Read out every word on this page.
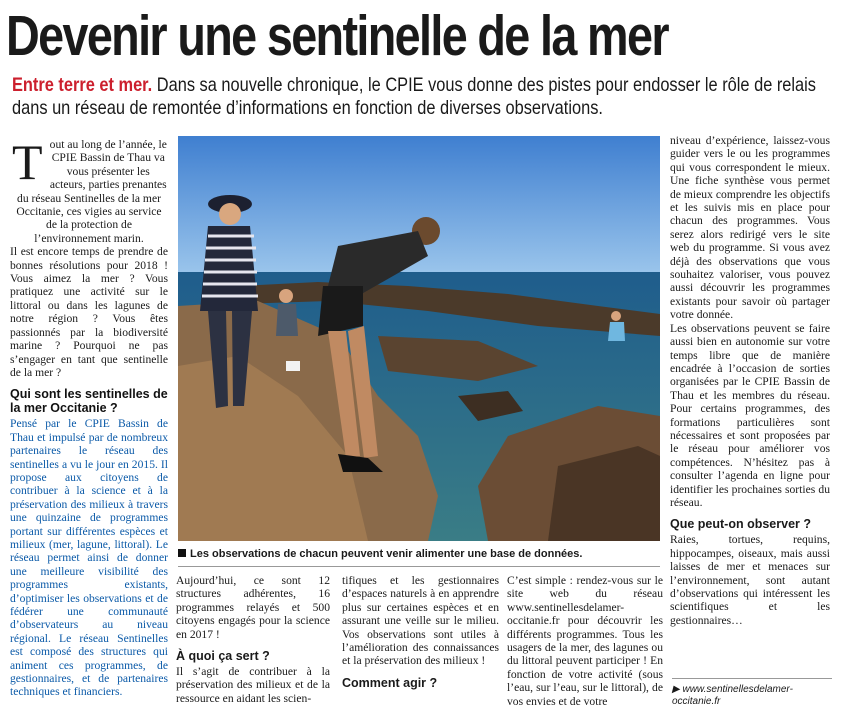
Devenir une sentinelle de la mer
Entre terre et mer. Dans sa nouvelle chronique, le CPIE vous donne des pistes pour endosser le rôle de relais dans un réseau de remontée d’informations en fonction de diverses observations.
T out au long de l’année, le CPIE Bassin de Thau va vous présenter les acteurs, parties prenantes du réseau Sentinelles de la mer Occitanie, ces vigies au service de la protection de l’environnement marin.

Il est encore temps de prendre de bonnes résolutions pour 2018 ! Vous aimez la mer ? Vous pratiquez une activité sur le littoral ou dans les lagunes de notre région ? Vous êtes passionnés par la biodiversité marine ? Pourquoi ne pas s’engager en tant que sentinelle de la mer ?

Qui sont les sentinelles de la mer Occitanie ?

Pensé par le CPIE Bassin de Thau et impulsé par de nombreux partenaires le réseau des sentinelles a vu le jour en 2015. Il propose aux citoyens de contribuer à la science et à la préservation des milieux à travers une quinzaine de programmes portant sur différentes espèces et milieux (mer, lagune, littoral). Le réseau permet ainsi de donner une meilleure visibilité des programmes existants, d’optimiser les observations et de fédérer une communauté d’observateurs au niveau régional. Le réseau Sentinelles est composé des structures qui animent ces programmes, de gestionnaires, et de partenaires techniques et financiers.

Les observations de chacun peuvent venir alimenter une base de données.

Aujourd’hui, ce sont 12 structures adhérentes, 16 programmes relayés et 500 citoyens engagés pour la science en 2017 !

À quoi ça sert ?

Il s’agit de contribuer à la préservation des milieux et de la ressource en aidant les scien-

tifiques et les gestionnaires d’espaces naturels à en apprendre plus sur certaines espèces et en assurant une veille sur le milieu. Vos observations sont utiles à l’amélioration des connaissances et la préservation des milieux !

Comment agir ?

C’est simple : rendez-vous sur le site web du réseau www.sentinellesdelamer-occitanie.fr pour découvrir les différents programmes. Tous les usagers de la mer, des lagunes ou du littoral peuvent participer ! En fonction de votre activité (sous l’eau, sur l’eau, sur le littoral), de vos envies et de votre

niveau d’expérience, laissez-vous guider vers le ou les programmes qui vous correspondent le mieux. Une fiche synthèse vous permet de mieux comprendre les objectifs et les suivis mis en place pour chacun des programmes. Vous serez alors redirigé vers le site web du programme. Si vous avez déjà des observations que vous souhaitez valoriser, vous pouvez aussi découvrir les programmes existants pour savoir où partager votre donnée.

Les observations peuvent se faire aussi bien en autonomie sur votre temps libre que de manière encadrée à l’occasion de sorties organisées par le CPIE Bassin de Thau et les membres du réseau. Pour certains programmes, des formations particulières sont nécessaires et sont proposées par le réseau pour améliorer vos compétences. N’hésitez pas à consulter l’agenda en ligne pour identifier les prochaines sorties du réseau.

Que peut-on observer ?

Raies, tortues, requins, hippocampes, oiseaux, mais aussi laisses de mer et menaces sur l’environnement, sont autant d’observations qui intéressent les scientifiques et les gestionnaires…

▶ www.sentinellesdelamer-occitanie.fr
